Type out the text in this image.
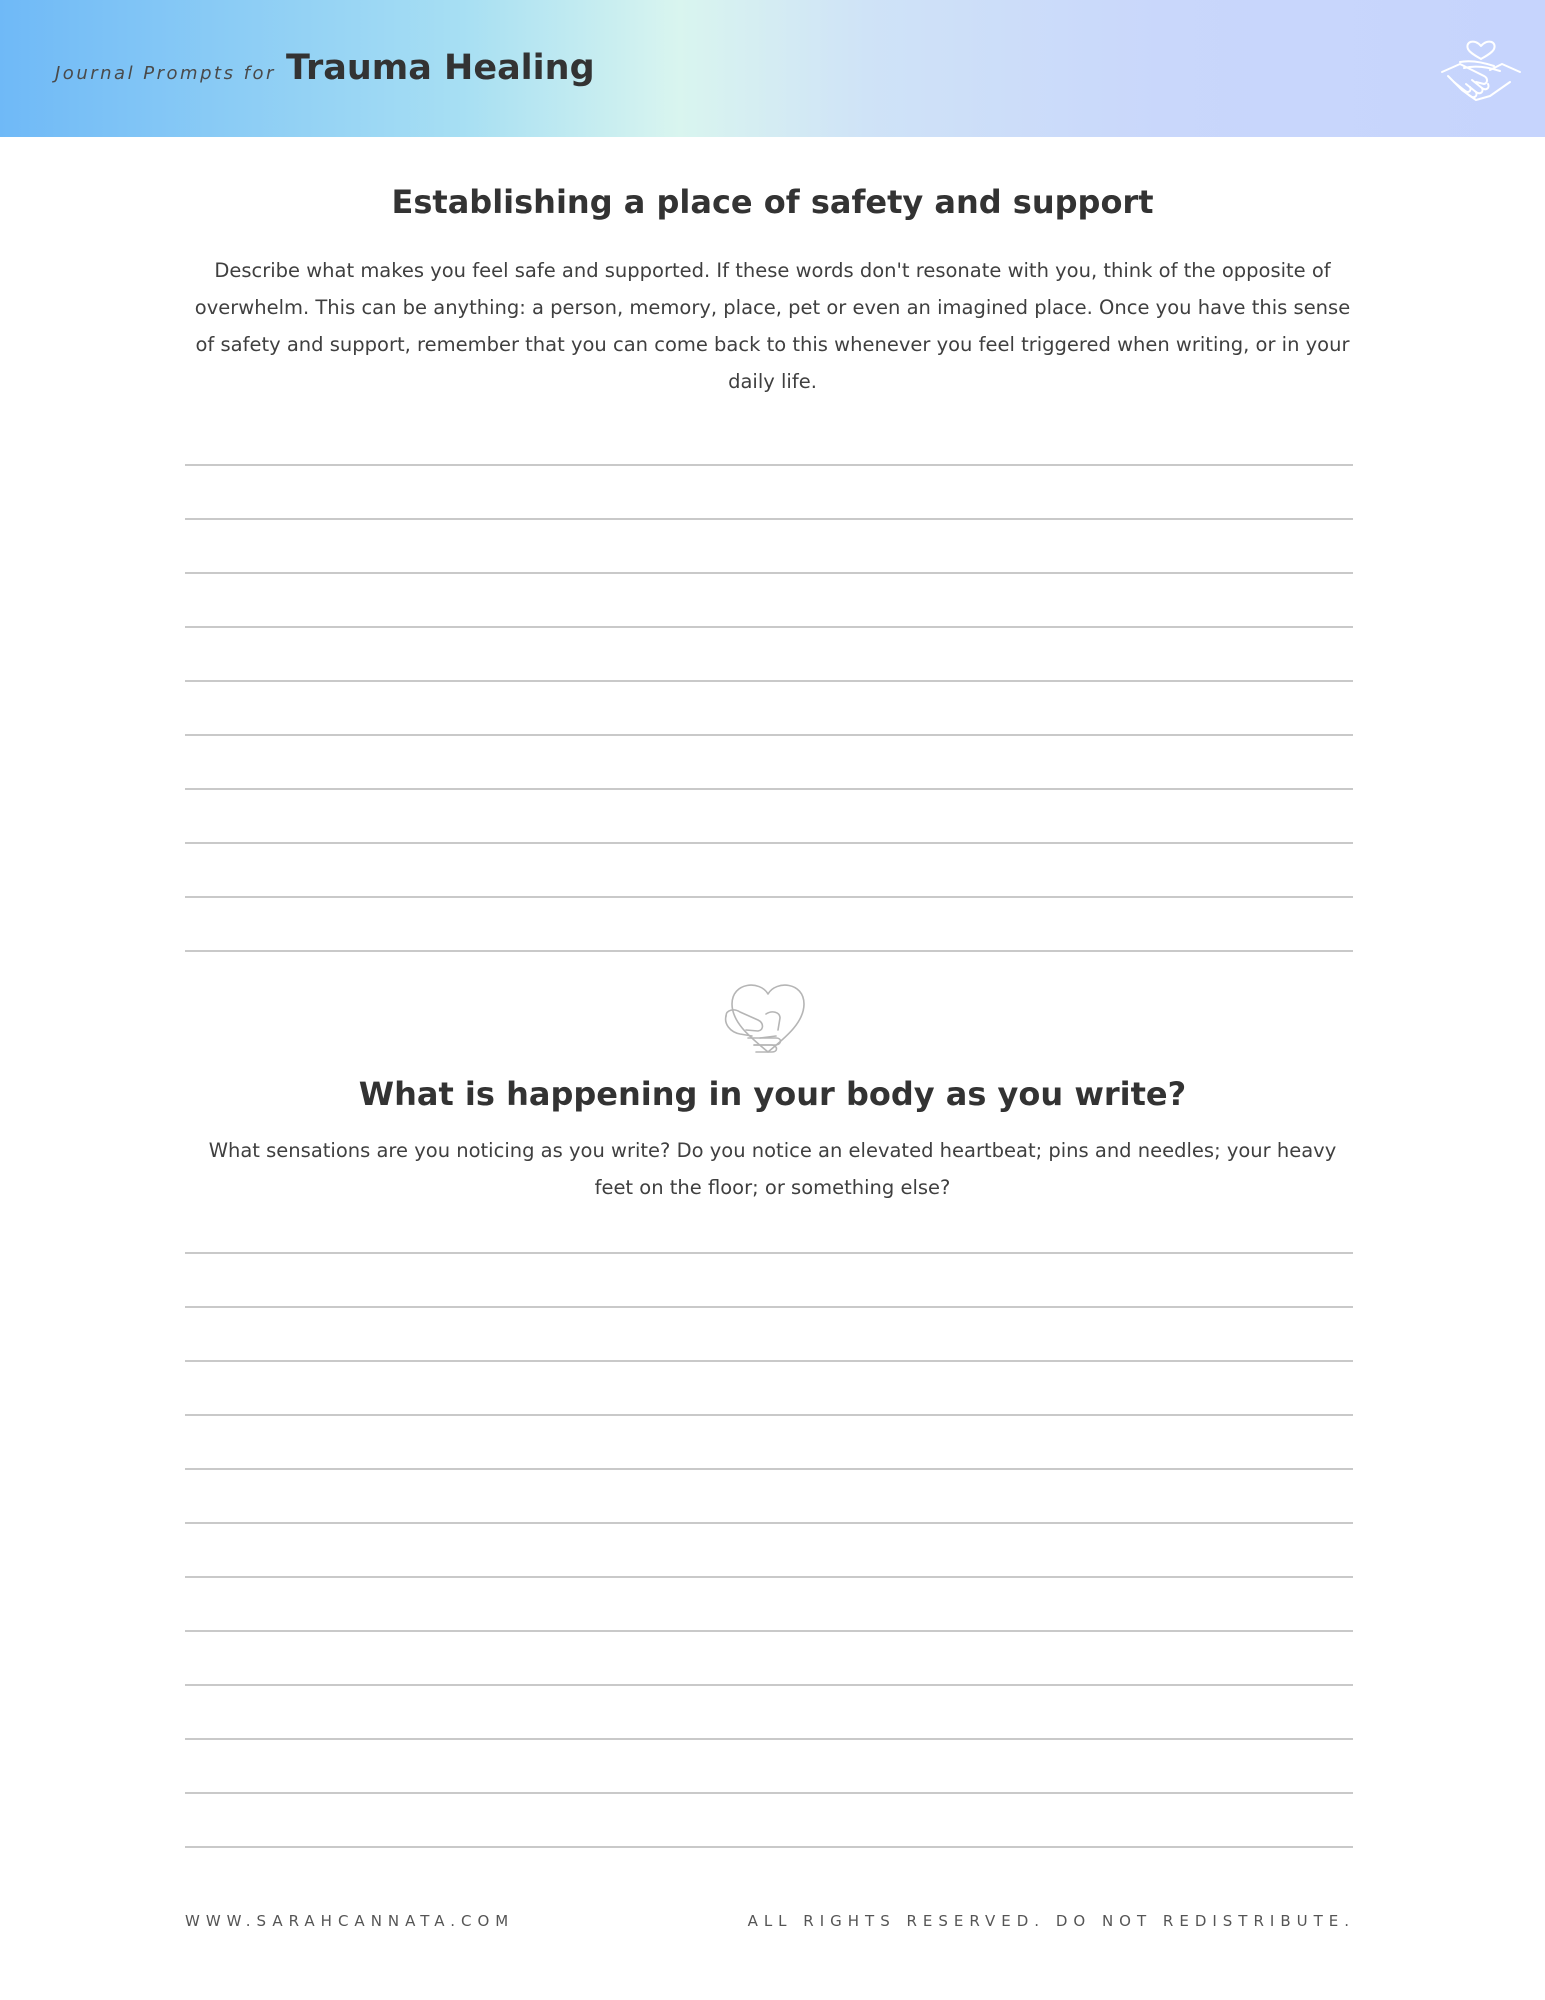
Journal Prompts for Trauma Healing
Establishing a place of safety and support

Describe what makes you feel safe and supported. If these words don't resonate with you, think of the opposite of overwhelm. This can be anything: a person, memory, place, pet or even an imagined place. Once you have this sense of safety and support, remember that you can come back to this whenever you feel triggered when writing, or in your daily life.

What is happening in your body as you write?

What sensations are you noticing as you write? Do you notice an elevated heartbeat; pins and needles; your heavy feet on the floor; or something else?

WWW.SARAHCANNATA.COM	ALL RIGHTS RESERVED. DO NOT REDISTRIBUTE.
